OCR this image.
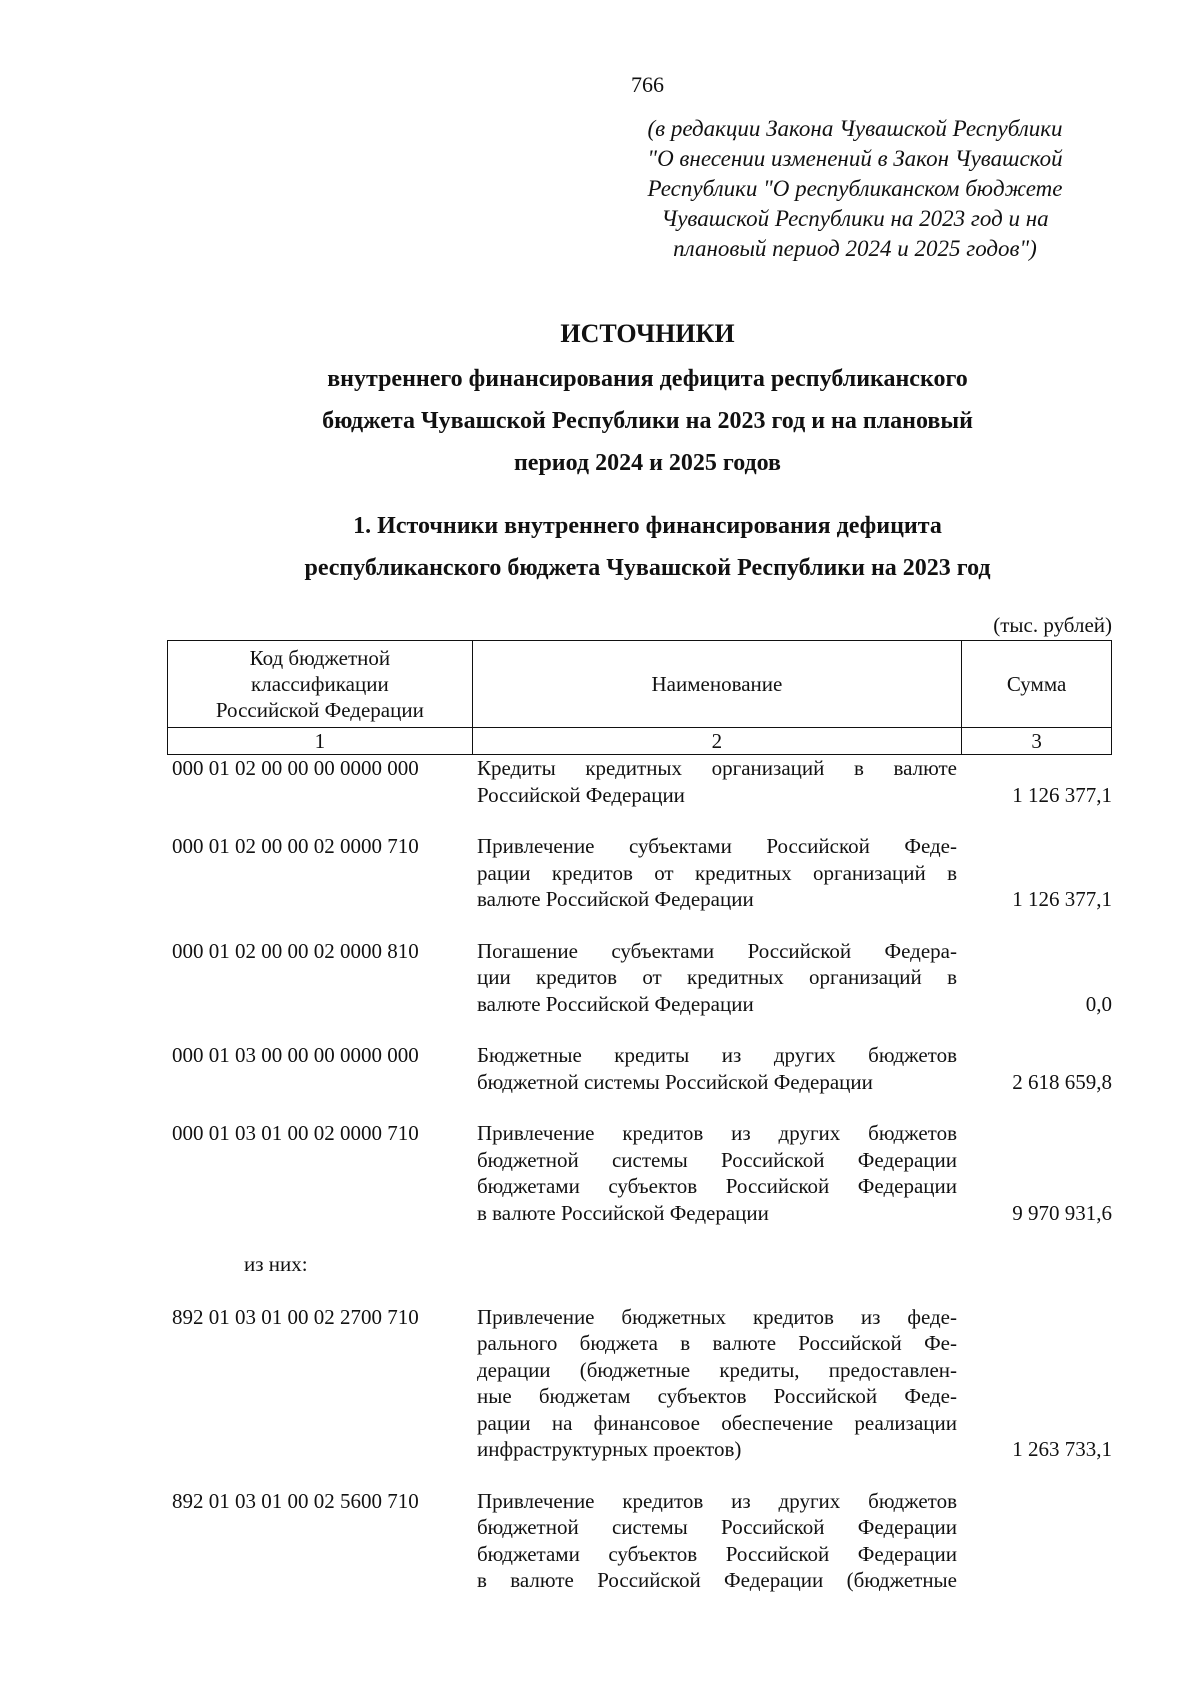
766
(в редакции Закона Чувашской Республики
"О внесении изменений в Закон Чувашской
Республики "О республиканском бюджете
Чувашской Республики на 2023 год и на
плановый период 2024 и 2025 годов")
ИСТОЧНИКИ
внутреннего финансирования дефицита республиканского
бюджета Чувашской Республики на 2023 год и на плановый
период 2024 и 2025 годов
1. Источники внутреннего финансирования дефицита
республиканского бюджета Чувашской Республики на 2023 год
(тыс. рублей)
Код бюджетной
классификации
Российской Федерации	Наименование	Сумма
1	2	3
000 01 02 00 00 00 0000 000	Кредиты кредитных организаций в валюте
Российской Федерации	1 126 377,1
000 01 02 00 00 02 0000 710	Привлечение субъектами Российской Феде-
рации кредитов от кредитных организаций в
валюте Российской Федерации	1 126 377,1
000 01 02 00 00 02 0000 810	Погашение субъектами Российской Федера-
ции кредитов от кредитных организаций в
валюте Российской Федерации	0,0
000 01 03 00 00 00 0000 000	Бюджетные кредиты из других бюджетов
бюджетной системы Российской Федерации	2 618 659,8
000 01 03 01 00 02 0000 710	Привлечение кредитов из других бюджетов
бюджетной системы Российской Федерации
бюджетами субъектов Российской Федерации
в валюте Российской Федерации	9 970 931,6
из них:
892 01 03 01 00 02 2700 710	Привлечение бюджетных кредитов из феде-
рального бюджета в валюте Российской Фе-
дерации (бюджетные кредиты, предоставлен-
ные бюджетам субъектов Российской Феде-
рации на финансовое обеспечение реализации
инфраструктурных проектов)	1 263 733,1
892 01 03 01 00 02 5600 710	Привлечение кредитов из других бюджетов
бюджетной системы Российской Федерации
бюджетами субъектов Российской Федерации
в валюте Российской Федерации (бюджетные
